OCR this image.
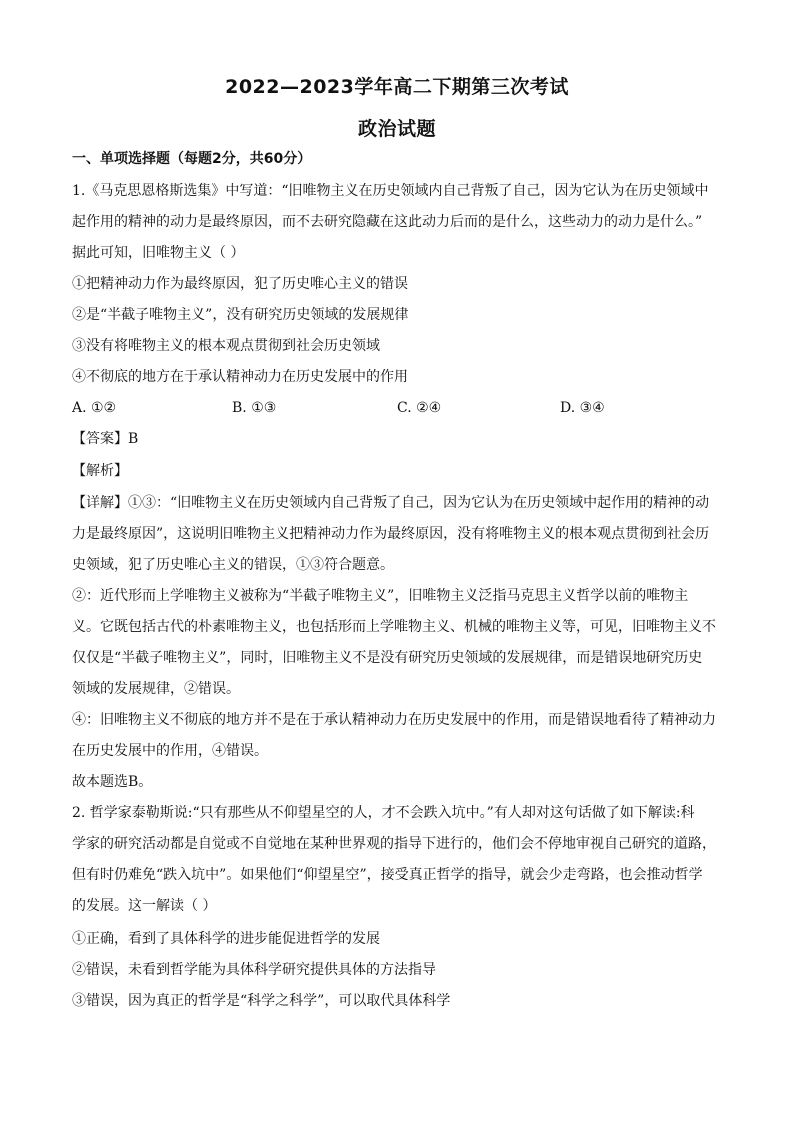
2022—2023学年高二下期第三次考试
政治试题
一、单项选择题（每题2分，共60分）
1.《马克思恩格斯选集》中写道：“旧唯物主义在历史领域内自己背叛了自己，因为它认为在历史领域中
起作用的精神的动力是最终原因，而不去研究隐藏在这此动力后而的是什么，这些动力的动力是什么。”
据此可知，旧唯物主义（ ）
①把精神动力作为最终原因，犯了历史唯心主义的错误
②是“半截子唯物主义”，没有研究历史领域的发展规律
③没有将唯物主义的根本观点贯彻到社会历史领域
④不彻底的地方在于承认精神动力在历史发展中的作用
A. ①②	B. ①③	C. ②④	D. ③④
【答案】B
【解析】
【详解】①③：“旧唯物主义在历史领域内自己背叛了自己，因为它认为在历史领域中起作用的精神的动
力是最终原因”，这说明旧唯物主义把精神动力作为最终原因，没有将唯物主义的根本观点贯彻到社会历
史领域，犯了历史唯心主义的错误，①③符合题意。
②：近代形而上学唯物主义被称为“半截子唯物主义”，旧唯物主义泛指马克思主义哲学以前的唯物主
义。它既包括古代的朴素唯物主义，也包括形而上学唯物主义、机械的唯物主义等，可见，旧唯物主义不
仅仅是“半截子唯物主义”，同时，旧唯物主义不是没有研究历史领域的发展规律，而是错误地研究历史
领域的发展规律，②错误。
④：旧唯物主义不彻底的地方并不是在于承认精神动力在历史发展中的作用，而是错误地看待了精神动力
在历史发展中的作用，④错误。
故本题选B。
2. 哲学家泰勒斯说:“只有那些从不仰望星空的人，才不会跌入坑中。”有人却对这句话做了如下解读:科
学家的研究活动都是自觉或不自觉地在某种世界观的指导下进行的，他们会不停地审视自己研究的道路，
但有时仍难免“跌入坑中”。如果他们“仰望星空”，接受真正哲学的指导，就会少走弯路，也会推动哲学
的发展。这一解读（ ）
①正确，看到了具体科学的进步能促进哲学的发展
②错误，未看到哲学能为具体科学研究提供具体的方法指导
③错误，因为真正的哲学是“科学之科学”，可以取代具体科学
